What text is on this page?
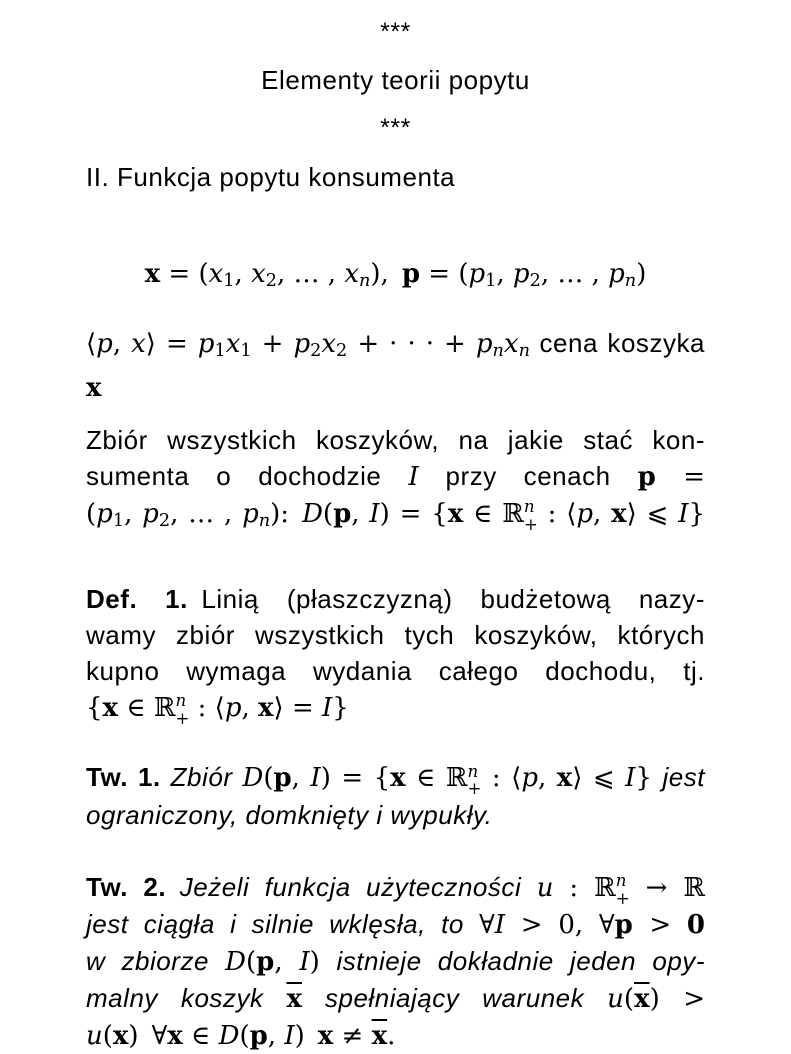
***
Elementy teorii popytu
***
II. Funkcja popytu konsumenta
x = (x1, x2, … , xn), p = (p1, p2, … , pn)
⟨p, x⟩ = p1x1 + p2x2 + · · · + pnxn cena koszyka x
Zbiór wszystkich koszyków, na jakie stać kon-
sumenta o dochodzie I przy cenach p =
(p1, p2, … , pn): D(p, I) = {x ∈ ℝ n
+ : ⟨p, x⟩ ⩽ I}
Def. 1. Linią (płaszczyzną) budżetową nazy-
wamy zbiór wszystkich tych koszyków, których
kupno wymaga wydania całego dochodu, tj.
{x ∈ ℝ n
+ : ⟨p, x⟩ = I}
Tw. 1. Zbiór D(p, I) = {x ∈ ℝ n
+ : ⟨p, x⟩ ⩽ I} jest
ograniczony, domknięty i wypukły.
Tw. 2.  Jeżeli funkcja użyteczności u : ℝ n
+ → ℝ
jest ciągła i silnie wklęsła, to ∀I > 0, ∀p > 0
w zbiorze D(p, I) istnieje dokładnie jeden opy-
malny koszyk $\overline{x}$ spełniający warunek $u(\overline{x})$ >
u(x) ∀x ∈ D(p, I) $x \ne \overline{x}$.
